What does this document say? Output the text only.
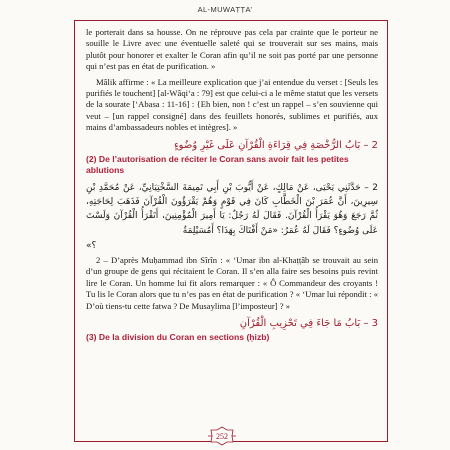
AL-MUWAṬṬA’

le porterait dans sa housse. On ne réprouve pas cela par crainte que le porteur ne souille le Livre avec une éventuelle saleté qui se trouverait sur ses mains, mais plutôt pour honorer et exalter le Coran afin qu’il ne soit pas porté par une personne qui n’est pas en état de purification. »

Mâlik affirme : « La meilleure explication que j’ai entendue du verset : [Seuls les purifiés le touchent] [al-Wâqi‘a : 79] est que celui-ci a le même statut que les versets de la sourate [‘Abasa : 11-16] : {Eh bien, non ! c’est un rappel – s’en souvienne qui veut – [un rappel consigné] dans des feuillets honorés, sublimes et purifiés, aux mains d’ambassadeurs nobles et intègres]. »

2 – بَابُ الرُّخْصَةِ فِي قِرَاءَةِ الْقُرْآنِ عَلَى غَيْرِ وُضُوءٍ
(2) De l’autorisation de réciter le Coran sans avoir fait les petites ablutions
2 – حَدَّثَنِي يَحْيَى، عَنْ مَالِكٍ، عَنْ أَيُّوبَ بْنِ أَبِي تَمِيمَةَ السَّخْتِيَانِيِّ، عَنْ مُحَمَّدِ بْنِ سِيرِينَ، أَنَّ عُمَرَ بْنَ الْخَطَّابِ كَانَ فِي قَوْمٍ وَهُمْ يَقْرَؤُونَ الْقُرْآنَ فَذَهَبَ لِحَاجَتِهِ، ثُمَّ رَجَعَ وَهُوَ يَقْرَأُ الْقُرْآنَ. فَقَالَ لَهُ رَجُلٌ: يَا أَمِيرَ الْمُؤْمِنِينَ، أَتَقْرَأُ الْقُرْآنَ وَلَسْتَ عَلَى وُضُوءٍ؟ فَقَالَ لَهُ عُمَرُ: «مَنْ أَفْتَاكَ بِهَذَا؟ أَمُسَيْلِمَةُ
؟»

2 – D’après Muḥammad ibn Sîrîn : « ‘Umar ibn al-Khaṭṭâb se trouvait au sein d’un groupe de gens qui récitaient le Coran. Il s’en alla faire ses besoins puis revint lire le Coran. Un homme lui fit alors remarquer : « Ô Commandeur des croyants ! Tu lis le Coran alors que tu n’es pas en état de purification ? « ‘Umar lui répondit : « D’où tiens-tu cette fatwa ? De Musaylima [l’imposteur] ? »

3 – بَابُ مَا جَاءَ فِي تَحْزِيبِ الْقُرْآنِ
(3) De la division du Coran en sections (ḥizb)
252
